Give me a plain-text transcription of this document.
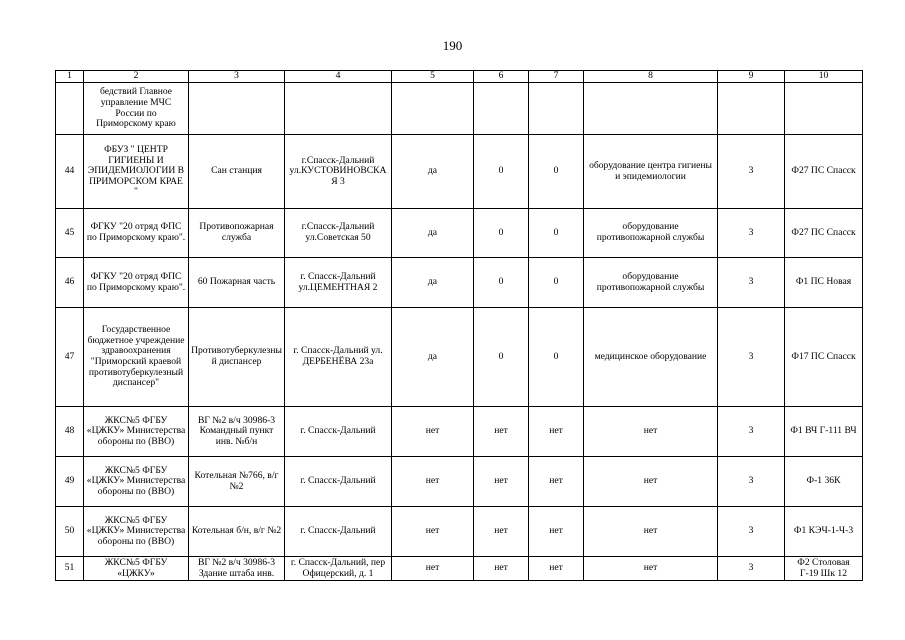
190
1	2	3	4	5	6	7	8	9	10
	бедствий Главное управление МЧС России по Приморскому краю								
44	ФБУЗ " ЦЕНТР ГИГИЕНЫ И ЭПИДЕМИОЛОГИИ В ПРИМОРСКОМ КРАЕ "	Сан станция	г.Спасск-Дальний ул.КУСТОВИНОВСКАЯ 3	да	0	0	оборудование центра гигиены и эпидемиологии	3	Ф27 ПС Спасск
45	ФГКУ "20 отряд ФПС по Приморскому краю".	Противопожарная служба	г.Спасск-Дальний ул.Советская 50	да	0	0	оборудование противопожарной службы	3	Ф27 ПС Спасск
46	ФГКУ "20 отряд ФПС по Приморскому краю".	60 Пожарная часть	г. Спасск-Дальний ул.ЦЕМЕНТНАЯ 2	да	0	0	оборудование противопожарной службы	3	Ф1 ПС Новая
47	Государственное бюджетное учреждение здравоохранения "Приморский краевой противотуберкулезный диспансер"	Противотуберкулезный диспансер	г. Спасск-Дальний ул. ДЕРБЕНЁВА 23а	да	0	0	медицинское оборудование	3	Ф17 ПС Спасск
48	ЖКС№5 ФГБУ «ЦЖКУ» Министерства обороны по (ВВО)	ВГ №2 в/ч 30986-3 Командный пункт инв. №б/н	г. Спасск-Дальний	нет	нет	нет	нет	3	Ф1 ВЧ Г-111 ВЧ
49	ЖКС№5 ФГБУ «ЦЖКУ» Министерства обороны по (ВВО)	Котельная №766, в/г №2	г. Спасск-Дальний	нет	нет	нет	нет	3	Ф-1 36К
50	ЖКС№5 ФГБУ «ЦЖКУ» Министерства обороны по (ВВО)	Котельная б/н, в/г №2	г. Спасск-Дальний	нет	нет	нет	нет	3	Ф1 КЭЧ-1-Ч-3
51	ЖКС№5 ФГБУ «ЦЖКУ»	ВГ №2 в/ч 30986-3 Здание штаба инв.	г. Спасск-Дальний, пер Офицерский, д. 1	нет	нет	нет	нет	3	Ф2 Столовая Г-19 Шк 12
